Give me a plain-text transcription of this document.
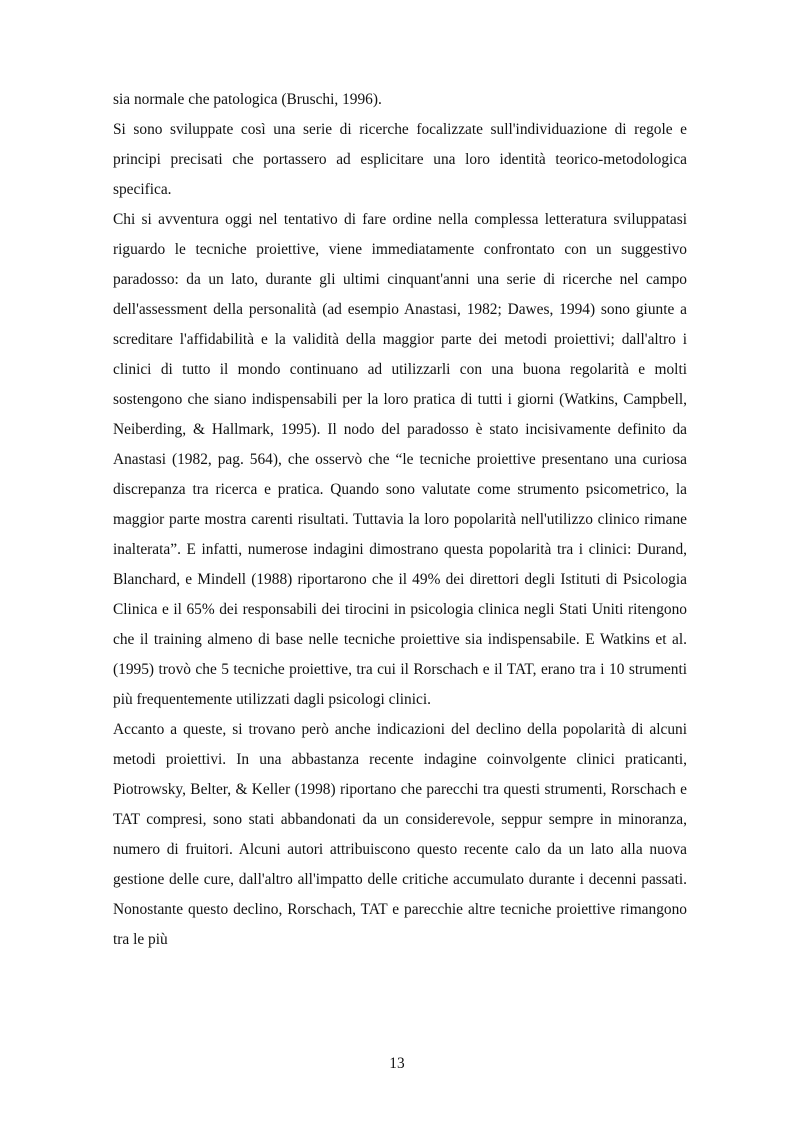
sia normale che patologica (Bruschi, 1996).

Si sono sviluppate così una serie di ricerche focalizzate sull'individuazione di regole e principi precisati che portassero ad esplicitare una loro identità teorico-metodologica specifica.

Chi si avventura oggi nel tentativo di fare ordine nella complessa letteratura sviluppatasi riguardo le tecniche proiettive, viene immediatamente confrontato con un suggestivo paradosso: da un lato, durante gli ultimi cinquant'anni una serie di ricerche nel campo dell'assessment della personalità (ad esempio Anastasi, 1982; Dawes, 1994) sono giunte a screditare l'affidabilità e la validità della maggior parte dei metodi proiettivi; dall'altro i clinici di tutto il mondo continuano ad utilizzarli con una buona regolarità e molti sostengono che siano indispensabili per la loro pratica di tutti i giorni (Watkins, Campbell, Neiberding, & Hallmark, 1995). Il nodo del paradosso è stato incisivamente definito da Anastasi (1982, pag. 564), che osservò che “le tecniche proiettive presentano una curiosa discrepanza tra ricerca e pratica. Quando sono valutate come strumento psicometrico, la maggior parte mostra carenti risultati. Tuttavia la loro popolarità nell'utilizzo clinico rimane inalterata”. E infatti, numerose indagini dimostrano questa popolarità tra i clinici: Durand, Blanchard, e Mindell (1988) riportarono che il 49% dei direttori degli Istituti di Psicologia Clinica e il 65% dei responsabili dei tirocini in psicologia clinica negli Stati Uniti ritengono che il training almeno di base nelle tecniche proiettive sia indispensabile. E Watkins et al. (1995) trovò che 5 tecniche proiettive, tra cui il Rorschach e il TAT, erano tra i 10 strumenti più frequentemente utilizzati dagli psicologi clinici.

Accanto a queste, si trovano però anche indicazioni del declino della popolarità di alcuni metodi proiettivi. In una abbastanza recente indagine coinvolgente clinici praticanti, Piotrowsky, Belter, & Keller (1998) riportano che parecchi tra questi strumenti, Rorschach e TAT compresi, sono stati abbandonati da un considerevole, seppur sempre in minoranza, numero di fruitori. Alcuni autori attribuiscono questo recente calo da un lato alla nuova gestione delle cure, dall'altro all'impatto delle critiche accumulato durante i decenni passati. Nonostante questo declino, Rorschach, TAT e parecchie altre tecniche proiettive rimangono tra le più

13
